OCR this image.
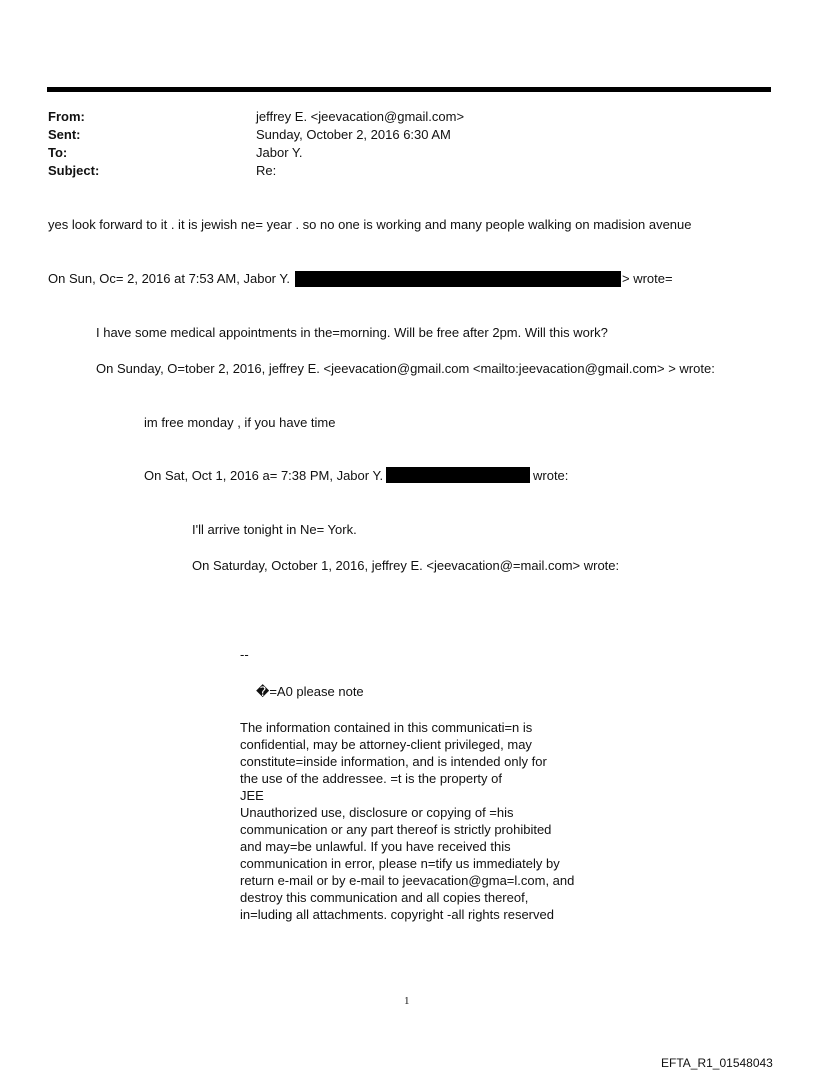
From:	jeffrey E. <jeevacation@gmail.com>
Sent:	Sunday, October 2, 2016 6:30 AM
To:	Jabor Y.
Subject:	Re:
yes look forward to it . it is jewish ne= year . so no one is working and many people walking on madision avenue
On Sun, Oc= 2, 2016 at 7:53 AM, Jabor Y.	> wrote=
I have some medical appointments in the=morning. Will be free after 2pm. Will this work?
On Sunday, O=tober 2, 2016, jeffrey E. <jeevacation@gmail.com <mailto:jeevacation@gmail.com> > wrote:
im free monday , if you have time
On Sat, Oct 1, 2016 a= 7:38 PM, Jabor Y.	wrote:
I'll arrive tonight in Ne= York.
On Saturday, October 1, 2016, jeffrey E. <jeevacation@=mail.com> wrote:
--
�=A0 please note
The information contained in this communicati=n is
confidential, may be attorney-client privileged, may
constitute=inside information, and is intended only for
the use of the addressee. =t is the property of
JEE
Unauthorized use, disclosure or copying of =his
communication or any part thereof is strictly prohibited
and may=be unlawful. If you have received this
communication in error, please n=tify us immediately by
return e-mail or by e-mail to jeevacation@gma=l.com, and
destroy this communication and all copies thereof,
in=luding all attachments. copyright -all rights reserved
1
EFTA_R1_01548043
